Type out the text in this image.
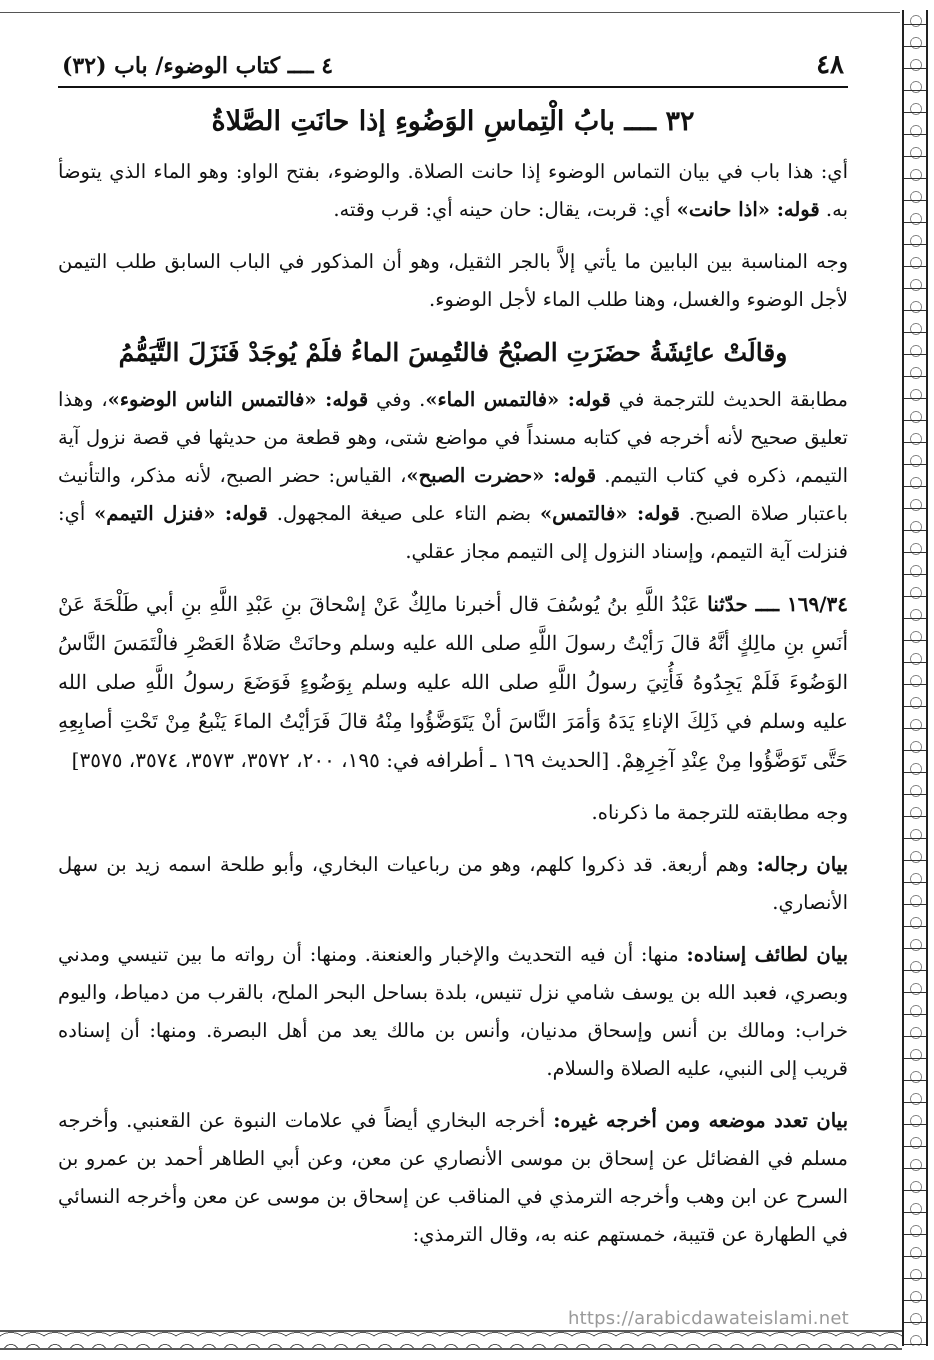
٤٨
٤ ــــ كتاب الوضوء/ باب (٣٢)
٣٢ ــــ بابُ الْتِماسِ الوَضُوءِ إذا حانَتِ الصَّلاةُ

أي: هذا باب في بيان التماس الوضوء إذا حانت الصلاة. والوضوء، بفتح الواو: وهو الماء الذي يتوضأ به. قوله: «اذا حانت» أي: قربت، يقال: حان حينه أي: قرب وقته.

وجه المناسبة بين البابين ما يأتي إلاَّ بالجر الثقيل، وهو أن المذكور في الباب السابق طلب التيمن لأجل الوضوء والغسل، وهنا طلب الماء لأجل الوضوء.

وقالَتْ عائِشَةُ حضَرَتِ الصبْحُ فالتُمِسَ الماءُ فلَمْ يُوجَدْ فَنَزَلَ التَّيَمُّمُ

مطابقة الحديث للترجمة في قوله: «فالتمس الماء». وفي قوله: «فالتمس الناس الوضوء»، وهذا تعليق صحيح لأنه أخرجه في كتابه مسنداً في مواضع شتى، وهو قطعة من حديثها في قصة نزول آية التيمم، ذكره في كتاب التيمم. قوله: «حضرت الصبح»، القياس: حضر الصبح، لأنه مذكر، والتأنيث باعتبار صلاة الصبح. قوله: «فالتمس» بضم التاء على صيغة المجهول. قوله: «فنزل التيمم» أي: فنزلت آية التيمم، وإسناد النزول إلى التيمم مجاز عقلي.

١٦٩/٣٤ ــــ حدّثنا عَبْدُ اللَّهِ بنُ يُوسُفَ قال أخبرنا مالِكٌ عَنْ إسْحاقَ بنِ عَبْدِ اللَّهِ بنِ أبي طَلْحَةَ عَنْ أنَسِ بنِ مالِكٍ أنَّهُ قالَ رَأيْتُ رسولَ اللَّهِ صلى الله عليه وسلم وحانَتْ صَلاةُ العَصْرِ فالْتَمَسَ النَّاسُ الوَضُوءَ فَلَمْ يَجِدُوهُ فَأُتِيَ رسولُ اللَّهِ صلى الله عليه وسلم بِوَضُوءٍ فَوَضَعَ رسولُ اللَّهِ صلى الله عليه وسلم في ذَلِكَ الإناءِ يَدَهُ وَأمَرَ النَّاسَ أنْ يَتَوَضَّؤُوا مِنْهُ قالَ فَرَأيْتُ الماءَ يَنْبعُ مِنْ تَحْتِ أصابِعِهِ حَتَّى تَوَضَّؤُوا مِنْ عِنْدِ آخِرِهِمْ. [الحديث ١٦٩ ـ أطرافه في: ١٩٥، ٢٠٠، ٣٥٧٢، ٣٥٧٣، ٣٥٧٤، ٣٥٧٥]

وجه مطابقته للترجمة ما ذكرناه.

بيان رجاله: وهم أربعة. قد ذكروا كلهم، وهو من رباعيات البخاري، وأبو طلحة اسمه زيد بن سهل الأنصاري.

بيان لطائف إسناده: منها: أن فيه التحديث والإخبار والعنعنة. ومنها: أن رواته ما بين تنيسي ومدني وبصري، فعبد الله بن يوسف شامي نزل تنيس، بلدة بساحل البحر الملح، بالقرب من دمياط، واليوم خراب: ومالك بن أنس وإسحاق مدنيان، وأنس بن مالك يعد من أهل البصرة. ومنها: أن إسناده قريب إلى النبي، عليه الصلاة والسلام.

بيان تعدد موضعه ومن أخرجه غيره: أخرجه البخاري أيضاً في علامات النبوة عن القعنبي. وأخرجه مسلم في الفضائل عن إسحاق بن موسى الأنصاري عن معن، وعن أبي الطاهر أحمد بن عمرو بن السرح عن ابن وهب وأخرجه الترمذي في المناقب عن إسحاق بن موسى عن معن وأخرجه النسائي في الطهارة عن قتيبة، خمستهم عنه به، وقال الترمذي:

https://arabicdawateislami.net
